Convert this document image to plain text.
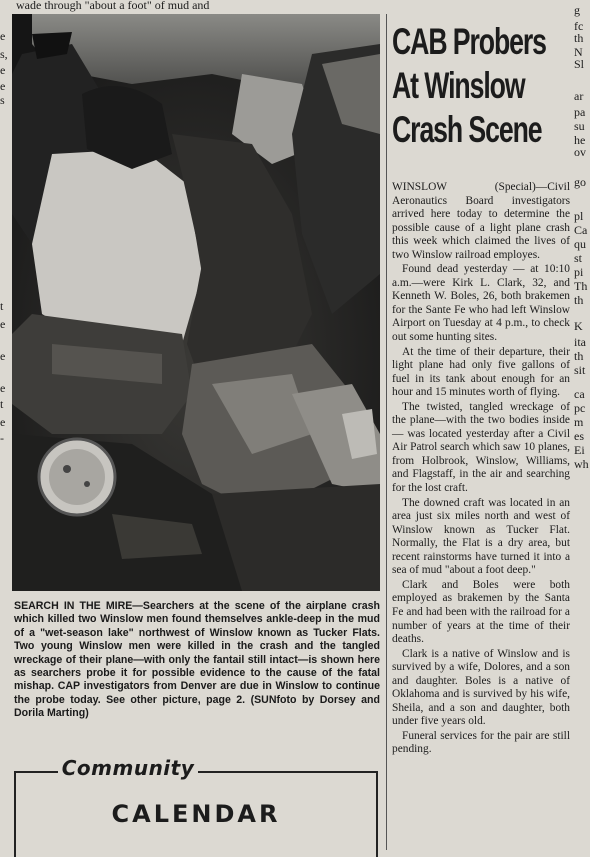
wade through "about a foot" of mud and
e
s,
e
e
s
t
e
e
e
t
e
-
g
fc
th
N
Sl
ar
pa
su
he
ov
go
pl
Ca
qu
st
pi
Th
th
K
ita
th
sit
ca
pc
m
es
Ei
wh
SEARCH IN THE MIRE—Searchers at the scene of the airplane crash which killed two Winslow men found themselves ankle-deep in the mud of a "wet-season lake" northwest of Winslow known as Tucker Flats. Two young Winslow men were killed in the crash and the tangled wreckage of their plane—with only the fantail still intact—is shown here as searchers probe it for possible evidence to the cause of the fatal mishap. CAP investigators from Denver are due in Winslow to continue the probe today. See other picture, page 2. (SUNfoto by Dorsey and Dorila Marting)
Community
CALENDAR
CAB Probers
At Winslow
Crash Scene

WINSLOW (Special)—Civil Aeronautics Board investigators arrived here today to determine the possible cause of a light plane crash this week which claimed the lives of two Winslow railroad employes.

Found dead yesterday — at 10:10 a.m.—were Kirk L. Clark, 32, and Kenneth W. Boles, 26, both brakemen for the Sante Fe who had left Winslow Airport on Tuesday at 4 p.m., to check out some hunting sites.

At the time of their departure, their light plane had only five gallons of fuel in its tank about enough for an hour and 15 minutes worth of flying.

The twisted, tangled wreckage of the plane—with the two bodies inside — was located yesterday after a Civil Air Patrol search which saw 10 planes, from Holbrook, Winslow, Williams, and Flagstaff, in the air and searching for the lost craft.

The downed craft was located in an area just six miles north and west of Winslow known as Tucker Flat. Normally, the Flat is a dry area, but recent rainstorms have turned it into a sea of mud "about a foot deep."

Clark and Boles were both employed as brakemen by the Santa Fe and had been with the railroad for a number of years at the time of their deaths.

Clark is a native of Winslow and is survived by a wife, Dolores, and a son and daughter. Boles is a native of Oklahoma and is survived by his wife, Sheila, and a son and daughter, both under five years old.

Funeral services for the pair are still pending.
